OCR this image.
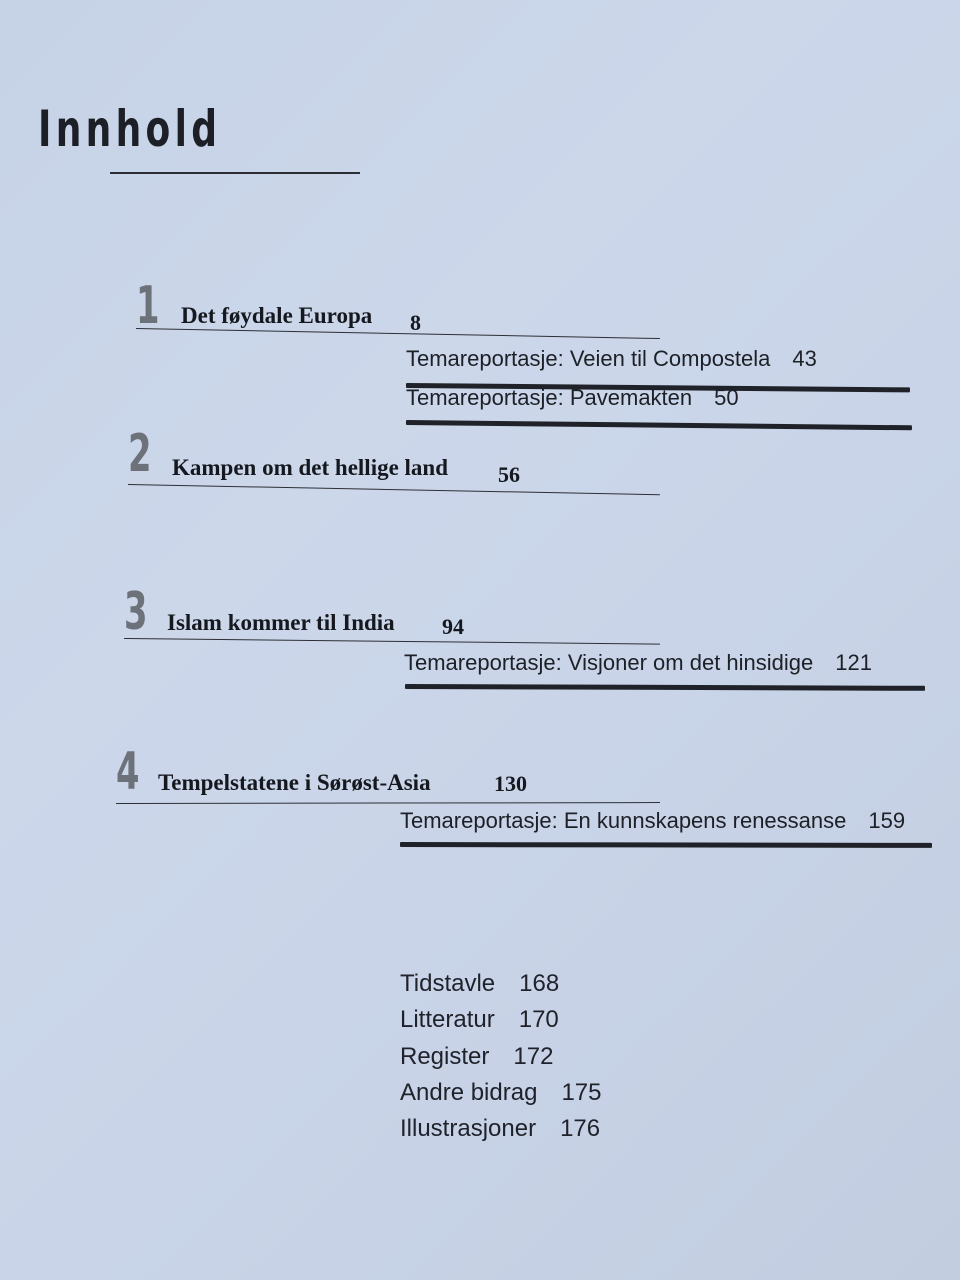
Innhold
1 Det føydale Europa 8
Temareportasje: Veien til Compostela 43
Temareportasje: Pavemakten 50
2 Kampen om det hellige land 56
3 Islam kommer til India 94
Temareportasje: Visjoner om det hinsidige 121
4 Tempelstatene i Sørøst-Asia	130
Temareportasje: En kunnskapens renessanse 159
Tidstavle 168
Litteratur 170
Register 172
Andre bidrag 175
Illustrasjoner 176
